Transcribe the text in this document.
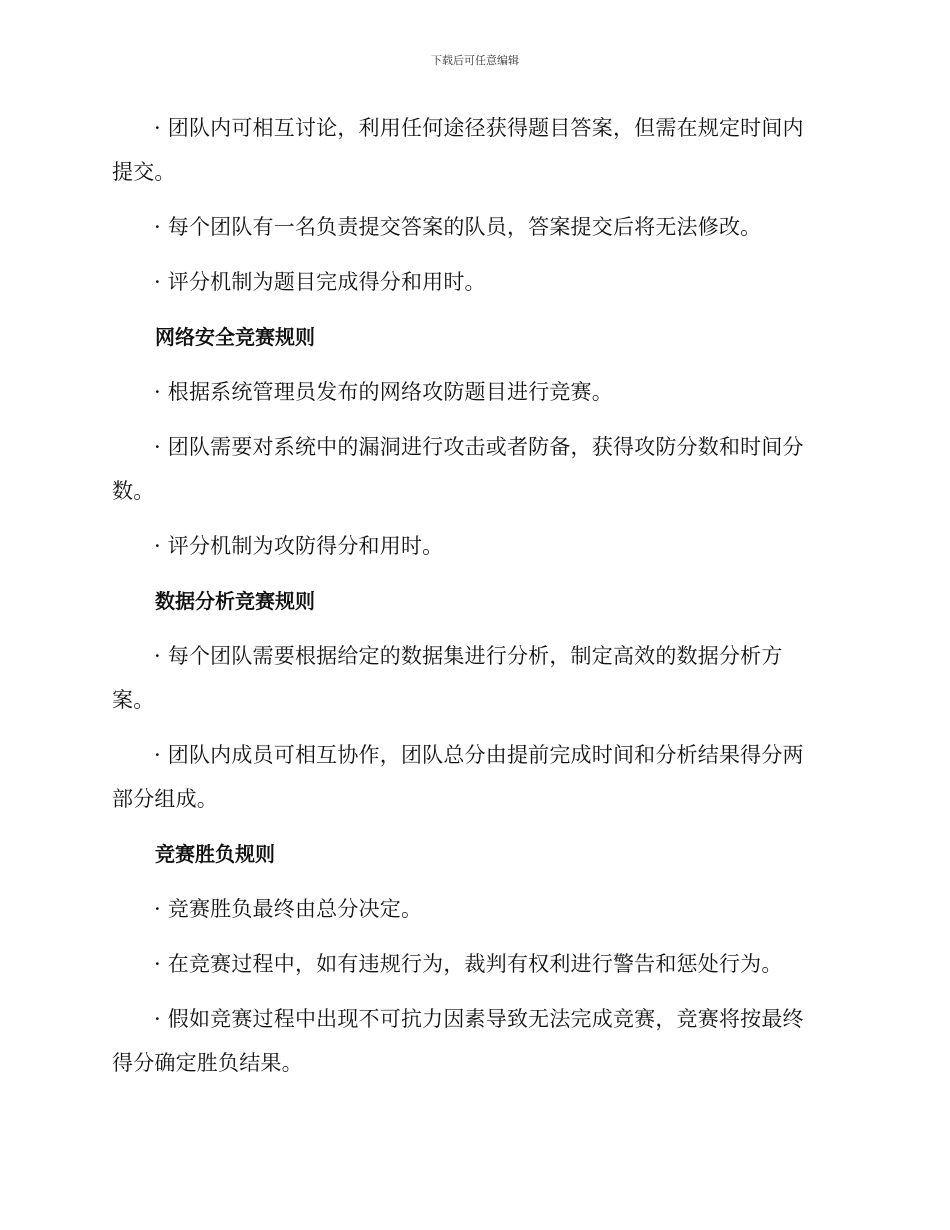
下载后可任意编辑

· 团队内可相互讨论，利用任何途径获得题目答案，但需在规定时间内提交。

· 每个团队有一名负责提交答案的队员，答案提交后将无法修改。

· 评分机制为题目完成得分和用时。

网络安全竞赛规则

· 根据系统管理员发布的网络攻防题目进行竞赛。

· 团队需要对系统中的漏洞进行攻击或者防备，获得攻防分数和时间分数。

· 评分机制为攻防得分和用时。

数据分析竞赛规则

· 每个团队需要根据给定的数据集进行分析，制定高效的数据分析方案。

· 团队内成员可相互协作，团队总分由提前完成时间和分析结果得分两部分组成。

竞赛胜负规则

· 竞赛胜负最终由总分决定。

· 在竞赛过程中，如有违规行为，裁判有权利进行警告和惩处行为。

· 假如竞赛过程中出现不可抗力因素导致无法完成竞赛，竞赛将按最终得分确定胜负结果。
